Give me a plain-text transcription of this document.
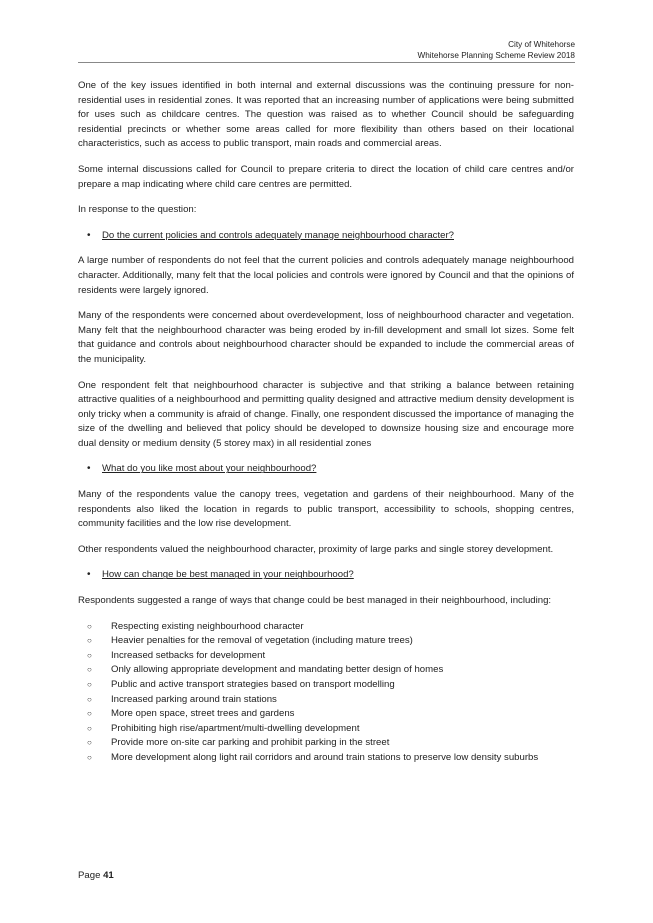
City of Whitehorse
Whitehorse Planning Scheme Review 2018

One of the key issues identified in both internal and external discussions was the continuing pressure for non-residential uses in residential zones. It was reported that an increasing number of applications were being submitted for uses such as childcare centres. The question was raised as to whether Council should be safeguarding residential precincts or whether some areas called for more flexibility than others based on their locational characteristics, such as access to public transport, main roads and commercial areas.

Some internal discussions called for Council to prepare criteria to direct the location of child care centres and/or prepare a map indicating where child care centres are permitted.

In response to the question:

• Do the current policies and controls adequately manage neighbourhood character?

A large number of respondents do not feel that the current policies and controls adequately manage neighbourhood character. Additionally, many felt that the local policies and controls were ignored by Council and that the opinions of residents were largely ignored.

Many of the respondents were concerned about overdevelopment, loss of neighbourhood character and vegetation. Many felt that the neighbourhood character was being eroded by in-fill development and small lot sizes. Some felt that guidance and controls about neighbourhood character should be expanded to include the commercial areas of the municipality.

One respondent felt that neighbourhood character is subjective and that striking a balance between retaining attractive qualities of a neighbourhood and permitting quality designed and attractive medium density development is only tricky when a community is afraid of change. Finally, one respondent discussed the importance of managing the size of the dwelling and believed that policy should be developed to downsize housing size and encourage more dual density or medium density (5 storey max) in all residential zones

• What do you like most about your neighbourhood?

Many of the respondents value the canopy trees, vegetation and gardens of their neighbourhood. Many of the respondents also liked the location in regards to public transport, accessibility to schools, shopping centres, community facilities and the low rise development.

Other respondents valued the neighbourhood character, proximity of large parks and single storey development.

• How can change be best managed in your neighbourhood?

Respondents suggested a range of ways that change could be best managed in their neighbourhood, including:

○ Respecting existing neighbourhood character
○ Heavier penalties for the removal of vegetation (including mature trees)
○ Increased setbacks for development
○ Only allowing appropriate development and mandating better design of homes
○ Public and active transport strategies based on transport modelling
○ Increased parking around train stations
○ More open space, street trees and gardens
○ Prohibiting high rise/apartment/multi-dwelling development
○ Provide more on-site car parking and prohibit parking in the street
○ More development along light rail corridors and around train stations to preserve low density suburbs
Page 41
